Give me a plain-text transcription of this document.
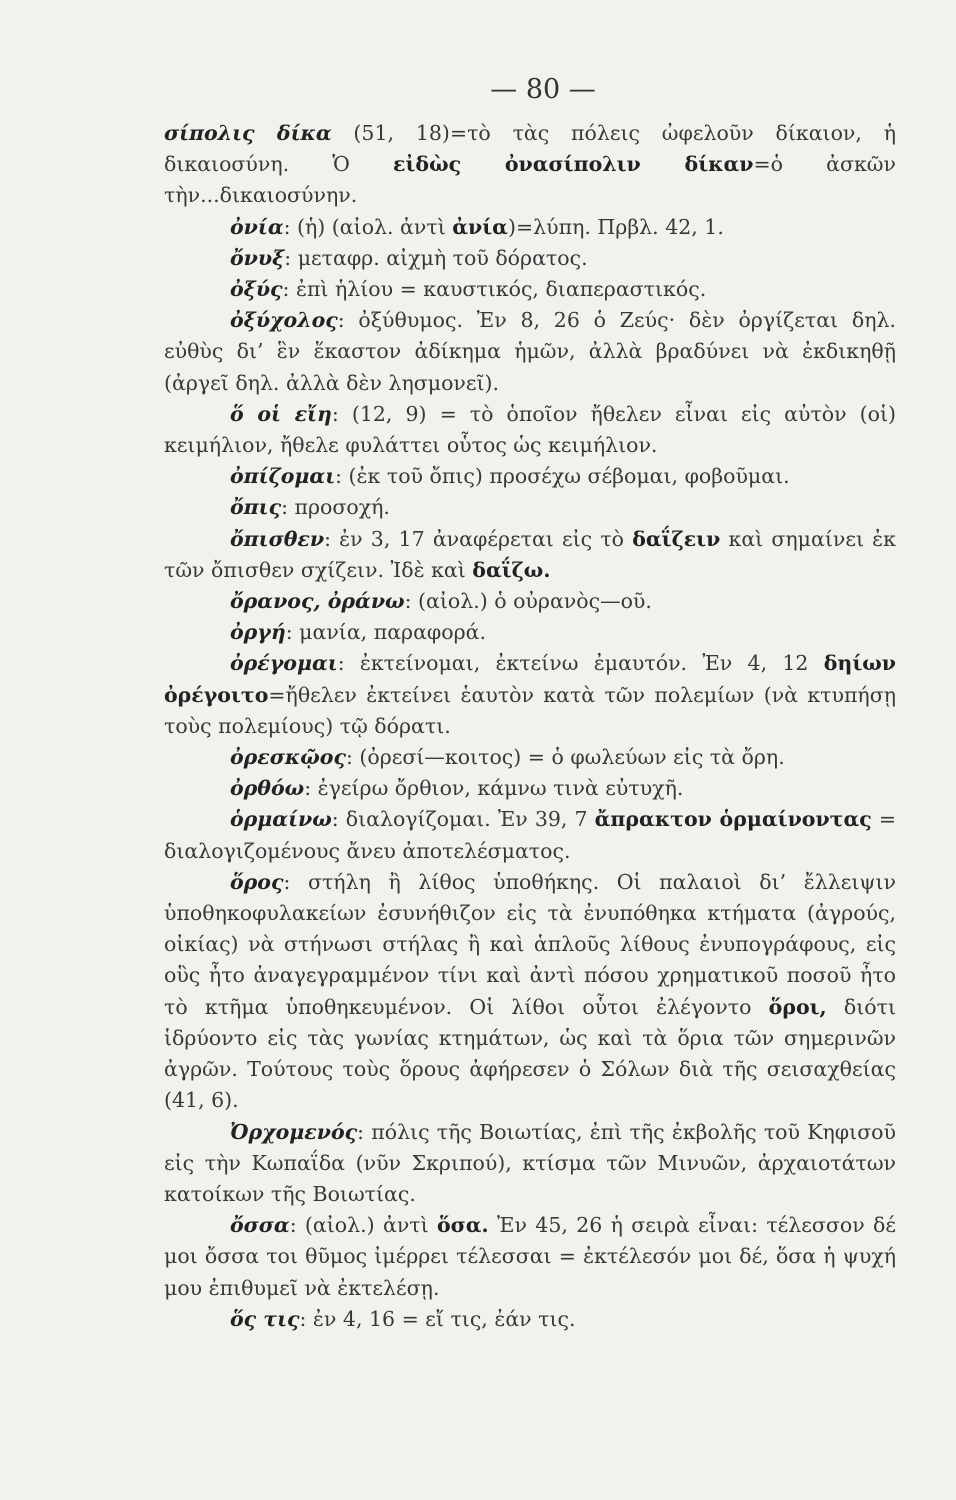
— 80 —

σίπολις δίκα (51, 18)=τὸ τὰς πόλεις ὠφελοῦν δίκαιον, ἡ δικαιοσύνη. Ὁ εἰδὼς ὀνασίπολιν δίκαν=ὁ ἀσκῶν τὴν...δικαιοσύνην.

ὀνία: (ἡ) (αἰολ. ἀντὶ ἀνία)=λύπη. Πρβλ. 42, 1.

ὄνυξ: μεταφρ. αἰχμὴ τοῦ δόρατος.

ὀξύς: ἐπὶ ἡλίου = καυστικός, διαπεραστικός.

ὀξύχολος: ὀξύθυμος. Ἐν 8, 26 ὁ Ζεύς· δὲν ὀργίζεται δηλ. εὐθὺς δι’ ἓν ἕκαστον ἀδίκημα ἡμῶν, ἀλλὰ βραδύνει νὰ ἐκδικηθῇ (ἀργεῖ δηλ. ἀλλὰ δὲν λησμονεῖ).

ὅ οἱ εἴη: (12, 9) = τὸ ὁποῖον ἤθελεν εἶναι εἰς αὐτὸν (οἱ) κειμήλιον, ἤθελε φυλάττει οὗτος ὡς κειμήλιον.

ὀπίζομαι: (ἐκ τοῦ ὄπις) προσέχω σέβομαι, φοβοῦμαι.

ὄπις: προσοχή.

ὄπισθεν: ἐν 3, 17 ἀναφέρεται εἰς τὸ δαΐζειν καὶ σημαίνει ἐκ τῶν ὄπισθεν σχίζειν. Ἰδὲ καὶ δαΐζω.

ὄρανος, ὀράνω: (αἰολ.) ὁ οὐρανὸς—οῦ.

ὀργή: μανία, παραφορά.

ὀρέγομαι: ἐκτείνομαι, ἐκτείνω ἐμαυτόν. Ἐν 4, 12 δηίων ὀρέγοιτο=ἤθελεν ἐκτείνει ἑαυτὸν κατὰ τῶν πολεμίων (νὰ κτυπήσῃ τοὺς πολεμίους) τῷ δόρατι.

ὀρεσκῷος: (ὀρεσί—κοιτος) = ὁ φωλεύων εἰς τὰ ὄρη.

ὀρθόω: ἐγείρω ὄρθιον, κάμνω τινὰ εὐτυχῆ.

ὁρμαίνω: διαλογίζομαι. Ἐν 39, 7 ἄπρακτον ὁρμαίνοντας = διαλογιζομένους ἄνευ ἀποτελέσματος.

ὅρος: στήλη ἢ λίθος ὑποθήκης. Οἱ παλαιοὶ δι’ ἔλλειψιν ὑποθηκοφυλακείων ἐσυνήθιζον εἰς τὰ ἐνυπόθηκα κτήματα (ἀγρούς, οἰκίας) νὰ στήνωσι στήλας ἢ καὶ ἁπλοῦς λίθους ἐνυπογράφους, εἰς οὓς ἦτο ἀναγεγραμμένον τίνι καὶ ἀντὶ πόσου χρηματικοῦ ποσοῦ ἦτο τὸ κτῆμα ὑποθηκευμένον. Οἱ λίθοι οὗτοι ἐλέγοντο ὅροι, διότι ἱδρύοντο εἰς τὰς γωνίας κτημάτων, ὡς καὶ τὰ ὅρια τῶν σημερινῶν ἀγρῶν. Τούτους τοὺς ὅρους ἀφήρεσεν ὁ Σόλων διὰ τῆς σεισαχθείας (41, 6).

Ὀρχομενός: πόλις τῆς Βοιωτίας, ἐπὶ τῆς ἐκβολῆς τοῦ Κηφισοῦ εἰς τὴν Κωπαΐδα (νῦν Σκριπού), κτίσμα τῶν Μινυῶν, ἀρχαιοτάτων κατοίκων τῆς Βοιωτίας.

ὄσσα: (αἰολ.) ἀντὶ ὅσα. Ἐν 45, 26 ἡ σειρὰ εἶναι: τέλεσσον δέ μοι ὄσσα τοι θῦμος ἰμέρρει τέλεσσαι = ἐκτέλεσόν μοι δέ, ὅσα ἡ ψυχή μου ἐπιθυμεῖ νὰ ἐκτελέσῃ.

ὅς τις: ἐν 4, 16 = εἴ τις, ἐάν τις.
